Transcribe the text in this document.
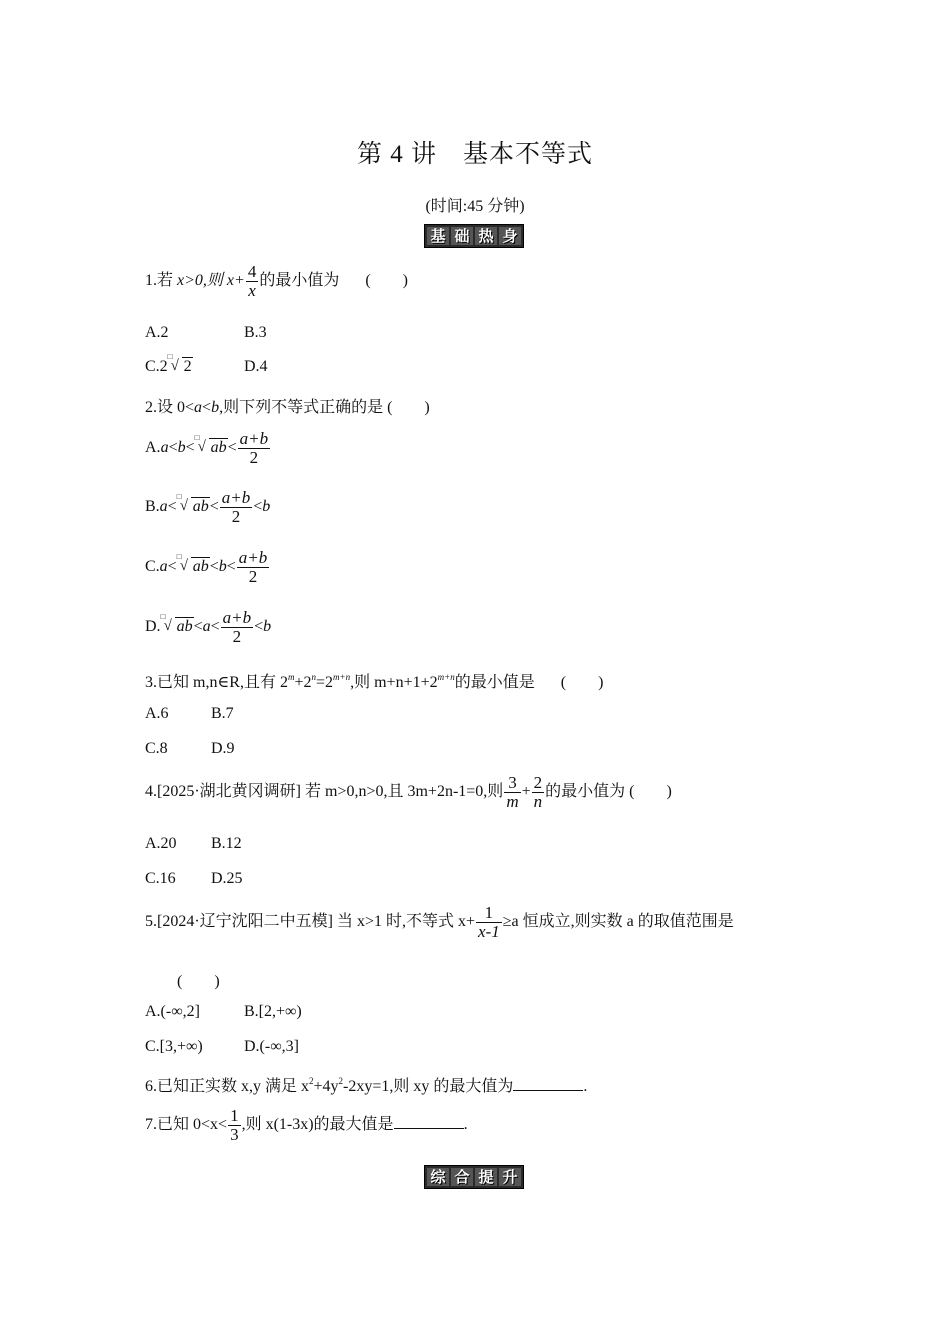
第 4 讲　基本不等式
(时间:45 分钟)
基 础 热 身
1.若 x>0,则 $x+ \frac{4}{x}$ 的最小值为 (　　)
A.2	B.3
C.2
□
√ 2	D.4
2.设 0<a<b,则下列不等式正确的是 (　　)
A.a<b<
□
√ $ab< \frac{a+b}{2}$
B.a<
□
√ $ab< \frac{a+b}{2} <b$
C.a<
□
√ $ab<b< \frac{a+b}{2}$
D.
□
√ $ab<a< \frac{a+b}{2} <b$
3.已知 m,n∈R,且有 $2^m+2^n=2^{m+n}$,则 $m+n+1+2^{m+n}$的最小值是 (　　)
A.6	B.7
C.8	D.9
4.[2025·湖北黄冈调研] 若 m>0,n>0,且 3m+2n-1=0,则 $\frac{3}{m} + \frac{2}{n}$ 的最小值为 (　　)
A.20 B.12
C.16 D.25
5.[2024·辽宁沈阳二中五模] 当 x>1 时,不等式 $x+ \frac{1}{x-1} \ge a$ 恒成立,则实数 a 的取值范围是
(　　)
A.(-∞,2]	B.[2,+∞)
C.[3,+∞)	D.(-∞,3]
6.已知正实数 x,y 满足 $x^2+4y^2-2xy=1$,则 xy 的最大值为	.
7.已知 $0<x< \frac{1}{3}$ ,则 x(1-3x)的最大值是	.
综 合 提 升
